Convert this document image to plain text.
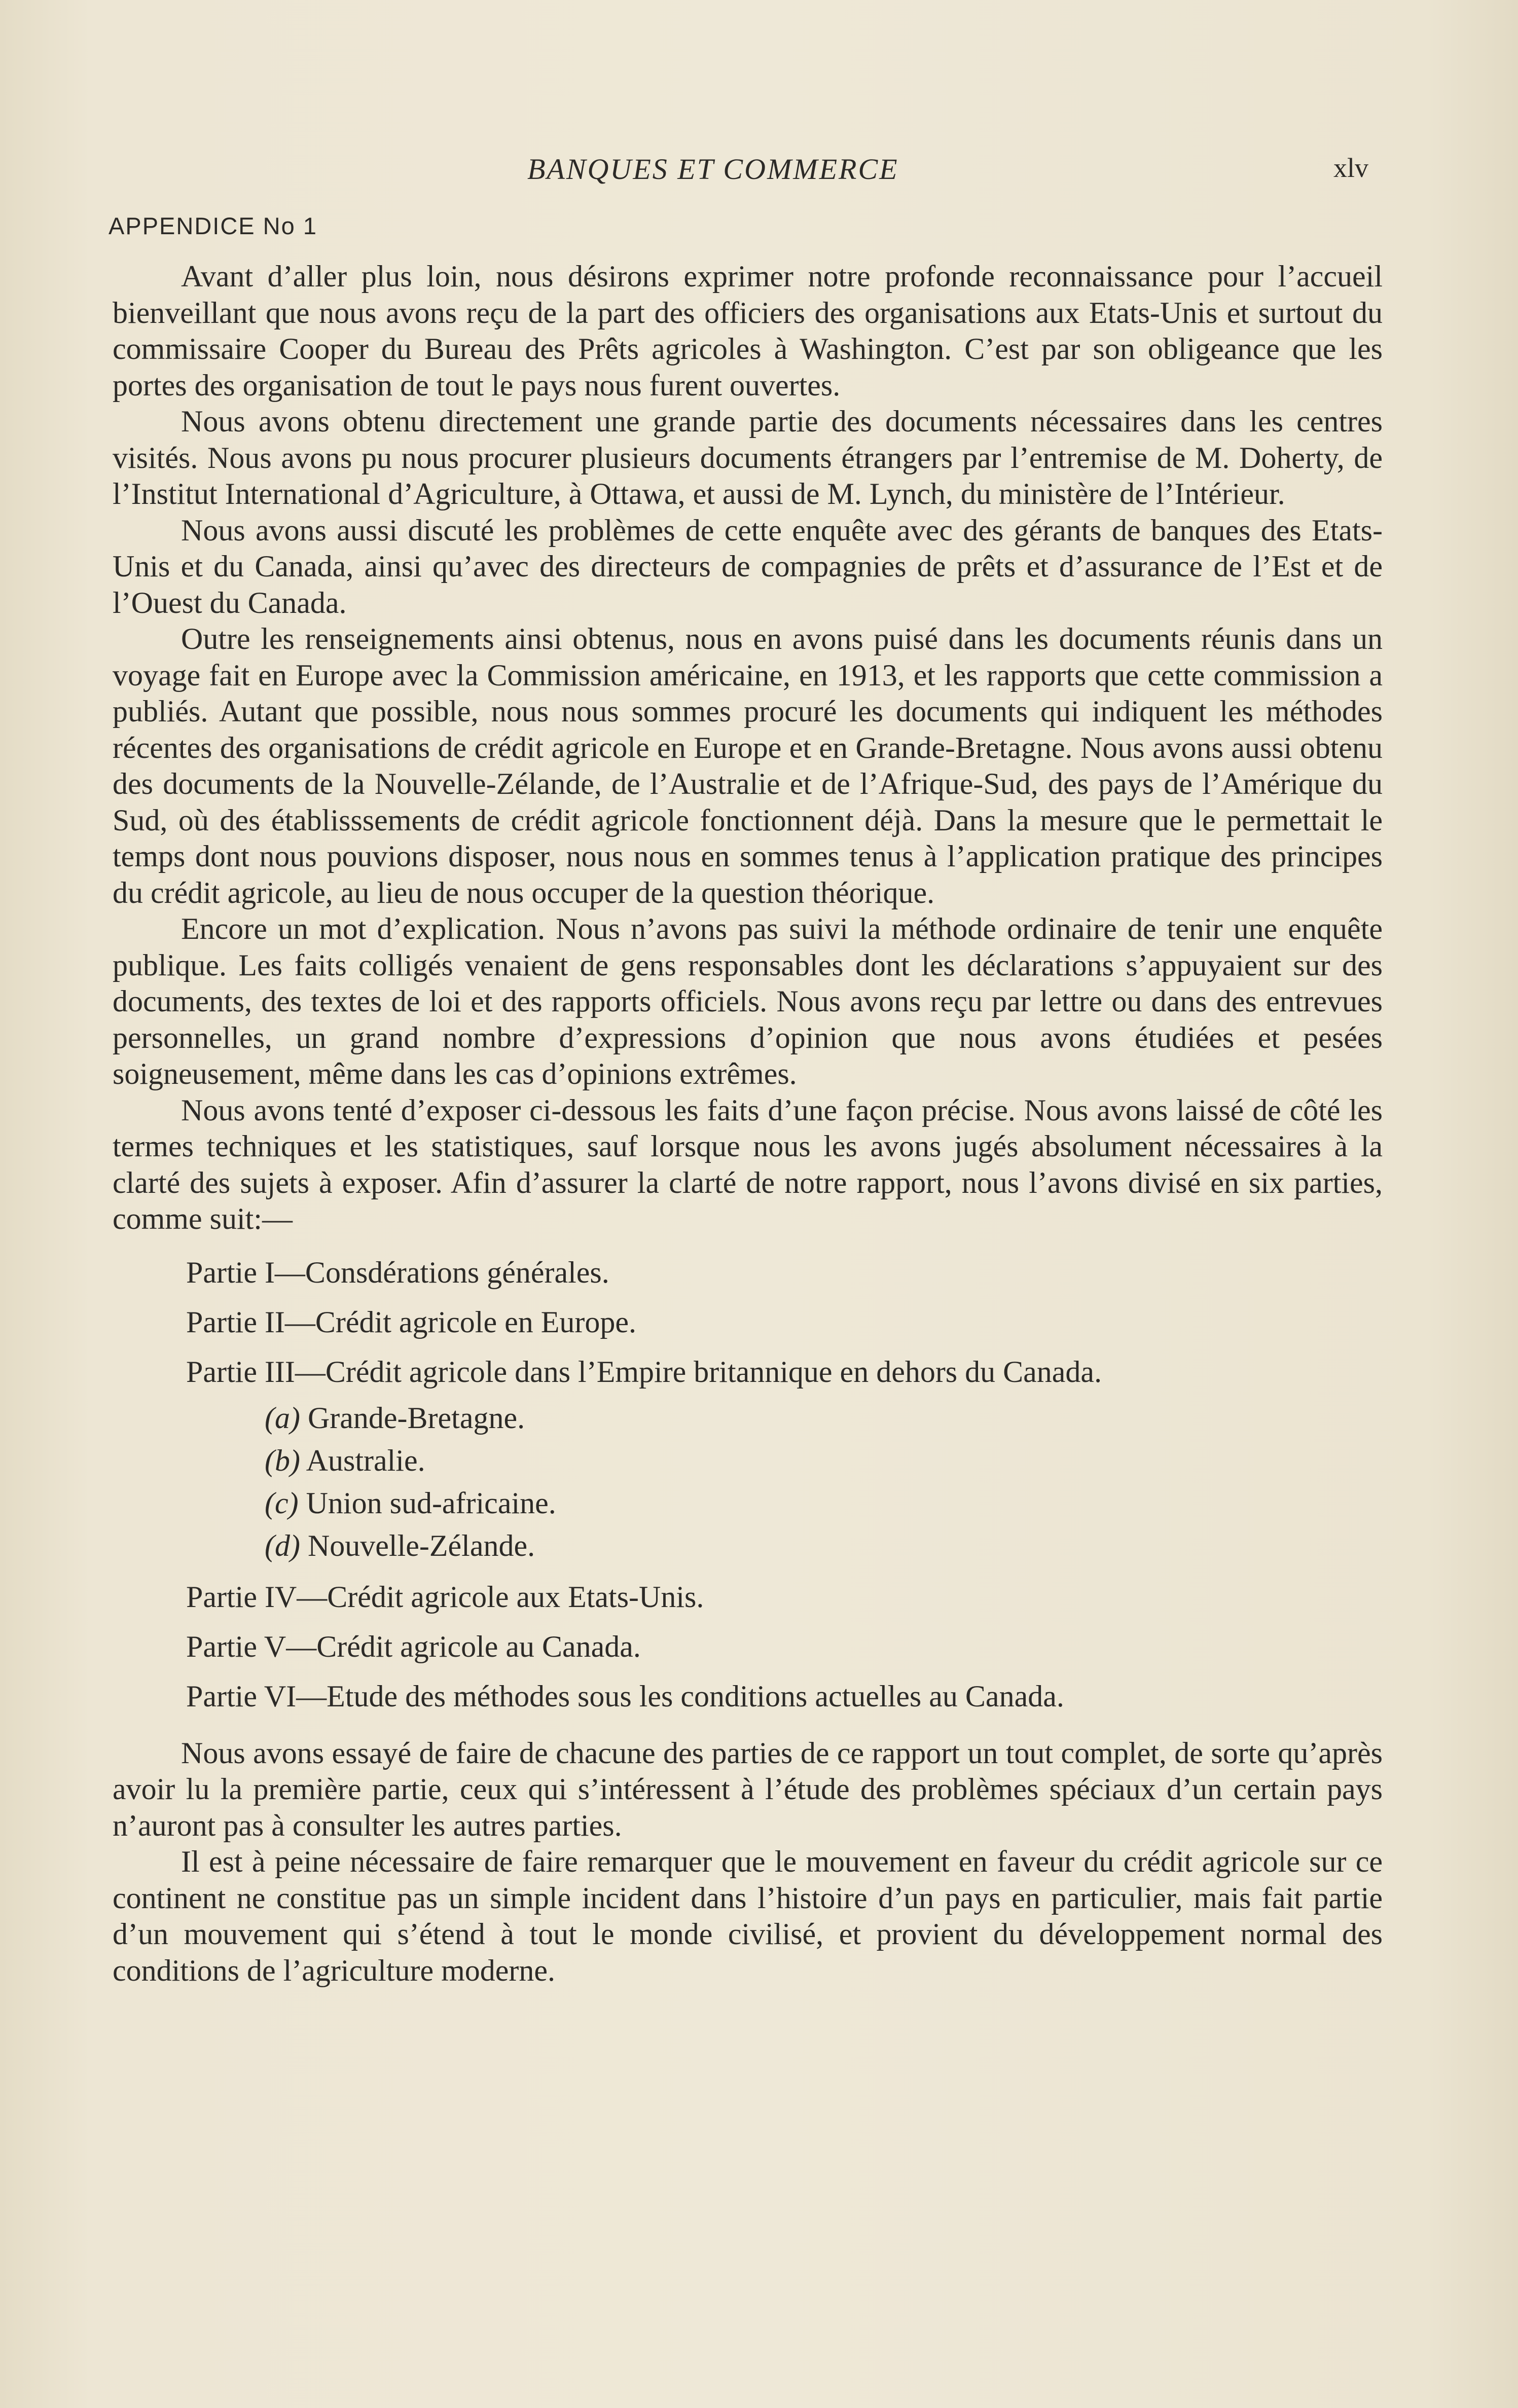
BANQUES ET COMMERCE	xlv
APPENDICE No 1

Avant d’aller plus loin, nous désirons exprimer notre profonde reconnaissance pour l’accueil bienveillant que nous avons reçu de la part des officiers des organisations aux Etats-Unis et surtout du commissaire Cooper du Bureau des Prêts agricoles à Washington. C’est par son obligeance que les portes des organisation de tout le pays nous furent ouvertes.

Nous avons obtenu directement une grande partie des documents nécessaires dans les centres visités. Nous avons pu nous procurer plusieurs documents étrangers par l’entremise de M. Doherty, de l’Institut International d’Agriculture, à Ottawa, et aussi de M. Lynch, du ministère de l’Intérieur.

Nous avons aussi discuté les problèmes de cette enquête avec des gérants de banques des Etats-Unis et du Canada, ainsi qu’avec des directeurs de compagnies de prêts et d’assurance de l’Est et de l’Ouest du Canada.

Outre les renseignements ainsi obtenus, nous en avons puisé dans les documents réunis dans un voyage fait en Europe avec la Commission américaine, en 1913, et les rapports que cette commission a publiés. Autant que possible, nous nous sommes procuré les documents qui indiquent les méthodes récentes des organisations de crédit agricole en Europe et en Grande-Bretagne. Nous avons aussi obtenu des documents de la Nouvelle-Zélande, de l’Australie et de l’Afrique-Sud, des pays de l’Amérique du Sud, où des établisssements de crédit agricole fonctionnent déjà. Dans la mesure que le permettait le temps dont nous pouvions disposer, nous nous en sommes tenus à l’application pratique des principes du crédit agricole, au lieu de nous occuper de la question théorique.

Encore un mot d’explication. Nous n’avons pas suivi la méthode ordinaire de tenir une enquête publique. Les faits colligés venaient de gens responsables dont les déclarations s’appuyaient sur des documents, des textes de loi et des rapports officiels. Nous avons reçu par lettre ou dans des entrevues personnelles, un grand nombre d’expressions d’opinion que nous avons étudiées et pesées soigneusement, même dans les cas d’opinions extrêmes.

Nous avons tenté d’exposer ci-dessous les faits d’une façon précise. Nous avons laissé de côté les termes techniques et les statistiques, sauf lorsque nous les avons jugés absolument nécessaires à la clarté des sujets à exposer. Afin d’assurer la clarté de notre rapport, nous l’avons divisé en six parties, comme suit:—

Partie I—Consdérations générales.
Partie II—Crédit agricole en Europe.
Partie III—Crédit agricole dans l’Empire britannique en dehors du Canada.
(a) Grande-Bretagne.
(b) Australie.
(c) Union sud-africaine.
(d) Nouvelle-Zélande.
Partie IV—Crédit agricole aux Etats-Unis.
Partie V—Crédit agricole au Canada.
Partie VI—Etude des méthodes sous les conditions actuelles au Canada.

Nous avons essayé de faire de chacune des parties de ce rapport un tout complet, de sorte qu’après avoir lu la première partie, ceux qui s’intéressent à l’étude des problèmes spéciaux d’un certain pays n’auront pas à consulter les autres parties.

Il est à peine nécessaire de faire remarquer que le mouvement en faveur du crédit agricole sur ce continent ne constitue pas un simple incident dans l’histoire d’un pays en particulier, mais fait partie d’un mouvement qui s’étend à tout le monde civilisé, et provient du développement normal des conditions de l’agriculture moderne.
